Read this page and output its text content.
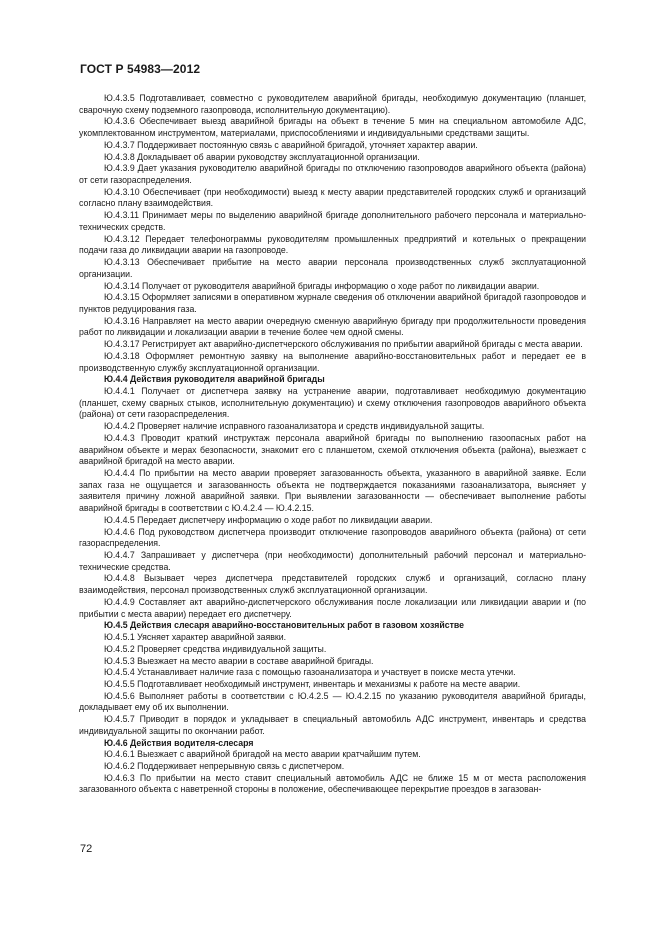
ГОСТ Р 54983—2012

Ю.4.3.5 Подготавливает, совместно с руководителем аварийной бригады, необходимую документацию (планшет, сварочную схему подземного газопровода, исполнительную документацию).

Ю.4.3.6 Обеспечивает выезд аварийной бригады на объект в течение 5 мин на специальном автомобиле АДС, укомплектованном инструментом, материалами, приспособлениями и индивидуальными средствами защиты.

Ю.4.3.7 Поддерживает постоянную связь с аварийной бригадой, уточняет характер аварии.

Ю.4.3.8 Докладывает об аварии руководству эксплуатационной организации.

Ю.4.3.9 Дает указания руководителю аварийной бригады по отключению газопроводов аварийного объекта (района) от сети газораспределения.

Ю.4.3.10 Обеспечивает (при необходимости) выезд к месту аварии представителей городских служб и организаций согласно плану взаимодействия.

Ю.4.3.11 Принимает меры по выделению аварийной бригаде дополнительного рабочего персонала и материально-технических средств.

Ю.4.3.12 Передает телефонограммы руководителям промышленных предприятий и котельных о прекращении подачи газа до ликвидации аварии на газопроводе.

Ю.4.3.13 Обеспечивает прибытие на место аварии персонала производственных служб эксплуатационной организации.

Ю.4.3.14 Получает от руководителя аварийной бригады информацию о ходе работ по ликвидации аварии.

Ю.4.3.15 Оформляет записями в оперативном журнале сведения об отключении аварийной бригадой газопроводов и пунктов редуцирования газа.

Ю.4.3.16 Направляет на место аварии очередную сменную аварийную бригаду при продолжительности проведения работ по ликвидации и локализации аварии в течение более чем одной смены.

Ю.4.3.17 Регистрирует акт аварийно-диспетчерского обслуживания по прибытии аварийной бригады с места аварии.

Ю.4.3.18 Оформляет ремонтную заявку на выполнение аварийно-восстановительных работ и передает ее в производственную службу эксплуатационной организации.

Ю.4.4 Действия руководителя аварийной бригады

Ю.4.4.1 Получает от диспетчера заявку на устранение аварии, подготавливает необходимую документацию (планшет, схему сварных стыков, исполнительную документацию) и схему отключения газопроводов аварийного объекта (района) от сети газораспределения.

Ю.4.4.2 Проверяет наличие исправного газоанализатора и средств индивидуальной защиты.

Ю.4.4.3 Проводит краткий инструктаж персонала аварийной бригады по выполнению газоопасных работ на аварийном объекте и мерах безопасности, знакомит его с планшетом, схемой отключения объекта (района), выезжает с аварийной бригадой на место аварии.

Ю.4.4.4 По прибытии на место аварии проверяет загазованность объекта, указанного в аварийной заявке. Если запах газа не ощущается и загазованность объекта не подтверждается показаниями газоанализатора, выясняет у заявителя причину ложной аварийной заявки. При выявлении загазованности — обеспечивает выполнение работы аварийной бригады в соответствии с Ю.4.2.4 — Ю.4.2.15.

Ю.4.4.5 Передает диспетчеру информацию о ходе работ по ликвидации аварии.

Ю.4.4.6 Под руководством диспетчера производит отключение газопроводов аварийного объекта (района) от сети газораспределения.

Ю.4.4.7 Запрашивает у диспетчера (при необходимости) дополнительный рабочий персонал и материально-технические средства.

Ю.4.4.8 Вызывает через диспетчера представителей городских служб и организаций, согласно плану взаимодействия, персонал производственных служб эксплуатационной организации.

Ю.4.4.9 Составляет акт аварийно-диспетчерского обслуживания после локализации или ликвидации аварии и (по прибытии с места аварии) передает его диспетчеру.

Ю.4.5 Действия слесаря аварийно-восстановительных работ в газовом хозяйстве

Ю.4.5.1 Уясняет характер аварийной заявки.

Ю.4.5.2 Проверяет средства индивидуальной защиты.

Ю.4.5.3 Выезжает на место аварии в составе аварийной бригады.

Ю.4.5.4 Устанавливает наличие газа с помощью газоанализатора и участвует в поиске места утечки.

Ю.4.5.5 Подготавливает необходимый инструмент, инвентарь и механизмы к работе на месте аварии.

Ю.4.5.6 Выполняет работы в соответствии с Ю.4.2.5 — Ю.4.2.15 по указанию руководителя аварийной бригады, докладывает ему об их выполнении.

Ю.4.5.7 Приводит в порядок и укладывает в специальный автомобиль АДС инструмент, инвентарь и средства индивидуальной защиты по окончании работ.

Ю.4.6 Действия водителя-слесаря

Ю.4.6.1 Выезжает с аварийной бригадой на место аварии кратчайшим путем.

Ю.4.6.2 Поддерживает непрерывную связь с диспетчером.

Ю.4.6.3 По прибытии на место ставит специальный автомобиль АДС не ближе 15 м от места расположения загазованного объекта с наветренной стороны в положение, обеспечивающее перекрытие проездов в загазован-

72
